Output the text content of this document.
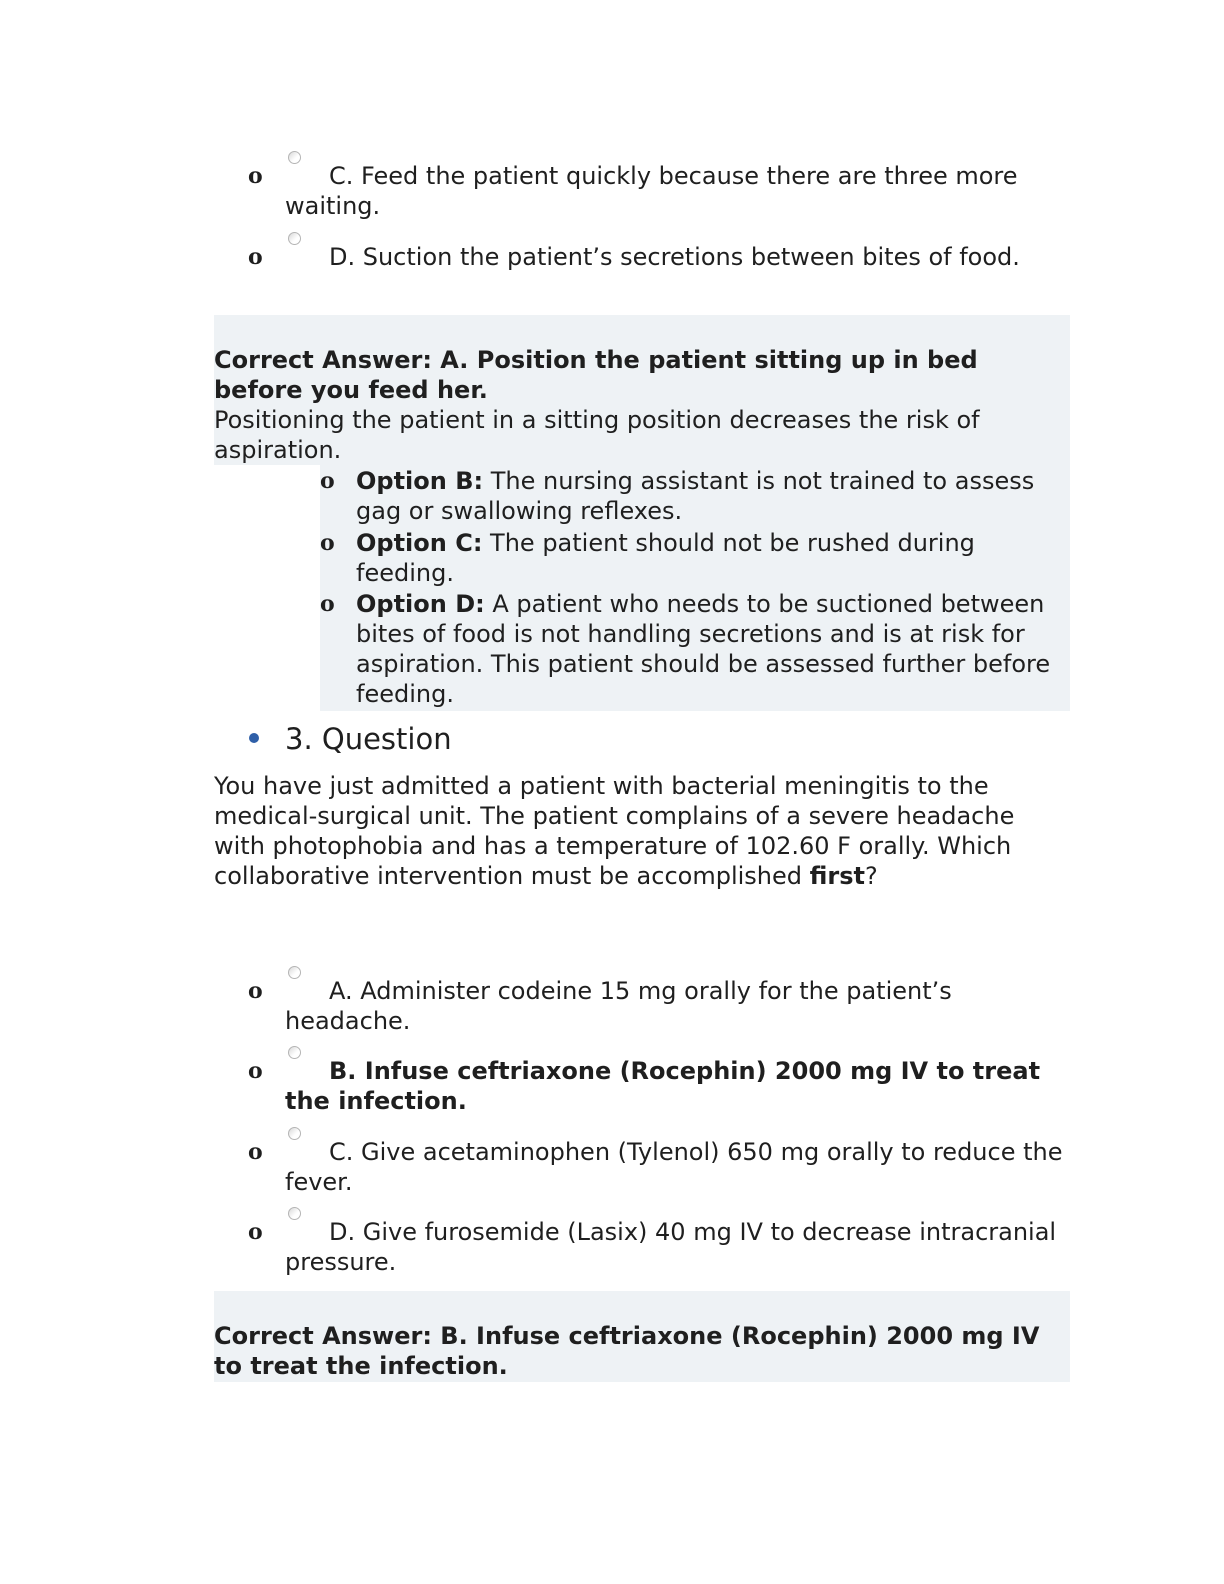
o	C. Feed the patient quickly because there are three more waiting.
o	D. Suction the patient’s secretions between bites of food.
Correct Answer: A. Position the patient sitting up in bed before you feed her.
Positioning the patient in a sitting position decreases the risk of aspiration.
o Option B: The nursing assistant is not trained to assess gag or swallowing reflexes.
o Option C: The patient should not be rushed during feeding.
o Option D: A patient who needs to be suctioned between bites of food is not handling secretions and is at risk for aspiration. This patient should be assessed further before feeding.
3. Question
You have just admitted a patient with bacterial meningitis to the medical-surgical unit. The patient complains of a severe headache with photophobia and has a temperature of 102.60 F orally. Which collaborative intervention must be accomplished first?
o	A. Administer codeine 15 mg orally for the patient’s headache.
o	B. Infuse ceftriaxone (Rocephin) 2000 mg IV to treat the infection.
o	C. Give acetaminophen (Tylenol) 650 mg orally to reduce the fever.
o	D. Give furosemide (Lasix) 40 mg IV to decrease intracranial pressure.
Correct Answer: B. Infuse ceftriaxone (Rocephin) 2000 mg IV to treat the infection.
